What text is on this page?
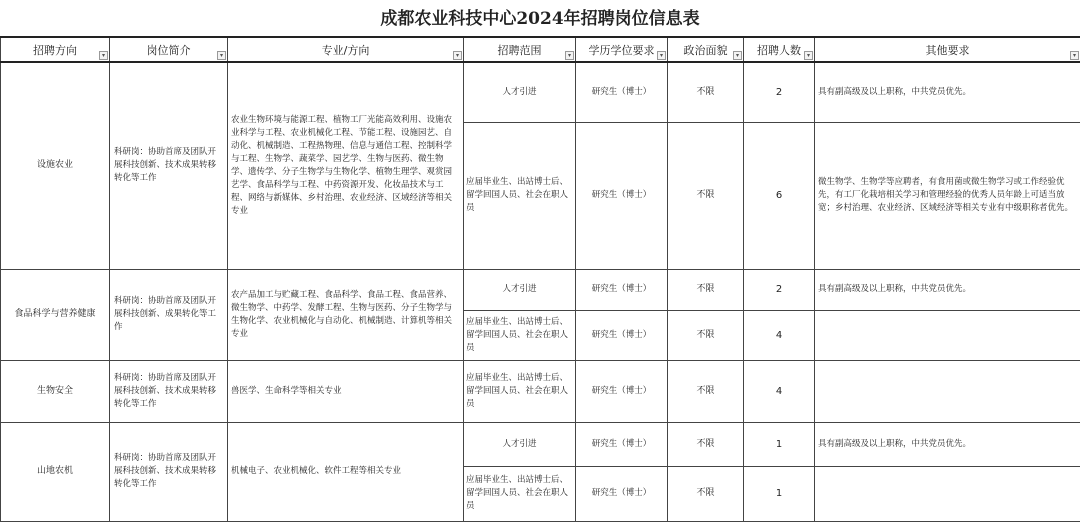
成都农业科技中心2024年招聘岗位信息表
招聘方向 ▾	岗位简介 ▾	专业/方向 ▾	招聘范围 ▾	学历学位要求 ▾	政治面貌 ▾	招聘人数 ▾	其他要求 ▾

设施农业	科研岗：协助首席及团队开展科技创新、技术成果转移转化等工作	农业生物环境与能源工程、植物工厂光能高效利用、设施农业科学与工程、农业机械化工程、节能工程、设施园艺、自动化、机械制造、工程热物理、信息与通信工程、控制科学与工程、生物学、蔬菜学、园艺学、生物与医药、微生物学、遗传学、分子生物学与生物化学、植物生理学、观赏园艺学、食品科学与工程、中药资源开发、化妆品技术与工程、网络与新媒体、乡村治理、农业经济、区域经济等相关专业	人才引进	研究生（博士）	不限	2	具有副高级及以上职称，中共党员优先。
			应届毕业生、出站博士后、留学回国人员、社会在职人员	研究生（博士）	不限	6	微生物学、生物学等应聘者，有食用菌或微生物学习或工作经验优先，有工厂化栽培相关学习和管理经验的优秀人员年龄上可适当放宽；乡村治理、农业经济、区域经济等相关专业有中级职称者优先。
食品科学与营养健康	科研岗：协助首席及团队开展科技创新、成果转化等工作	农产品加工与贮藏工程、食品科学、食品工程、食品营养、微生物学、中药学、发酵工程、生物与医药、分子生物学与生物化学、农业机械化与自动化、机械制造、计算机等相关专业	人才引进	研究生（博士）	不限	2	具有副高级及以上职称，中共党员优先。
			应届毕业生、出站博士后、留学回国人员、社会在职人员	研究生（博士）	不限	4	
生物安全	科研岗：协助首席及团队开展科技创新、技术成果转移转化等工作	兽医学、生命科学等相关专业	应届毕业生、出站博士后、留学回国人员、社会在职人员	研究生（博士）	不限	4	
山地农机	科研岗：协助首席及团队开展科技创新、技术成果转移转化等工作	机械电子、农业机械化、软件工程等相关专业	人才引进	研究生（博士）	不限	1	具有副高级及以上职称，中共党员优先。
			应届毕业生、出站博士后、留学回国人员、社会在职人员	研究生（博士）	不限	1	
